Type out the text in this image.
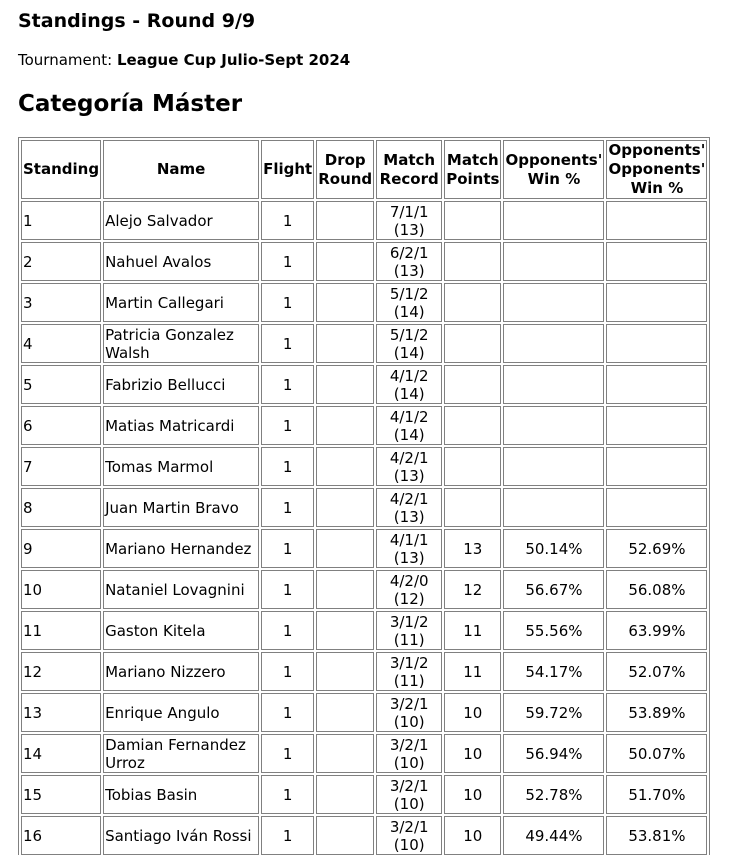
Standings - Round 9/9
Tournament: League Cup Julio-Sept 2024
Categoría Máster
Standing	Name	Flight	Drop Round	Match Record	Match Points	Opponents' Win %	Opponents' Opponents' Win %
1	Alejo Salvador	1		7/1/1 (13)			
2	Nahuel Avalos	1		6/2/1 (13)			
3	Martin Callegari	1		5/1/2 (14)			
4	Patricia Gonzalez Walsh	1		5/1/2 (14)			
5	Fabrizio Bellucci	1		4/1/2 (14)			
6	Matias Matricardi	1		4/1/2 (14)			
7	Tomas Marmol	1		4/2/1 (13)			
8	Juan Martin Bravo	1		4/2/1 (13)			
9	Mariano Hernandez	1		4/1/1 (13)	13	50.14%	52.69%
10	Nataniel Lovagnini	1		4/2/0 (12)	12	56.67%	56.08%
11	Gaston Kitela	1		3/1/2 (11)	11	55.56%	63.99%
12	Mariano Nizzero	1		3/1/2 (11)	11	54.17%	52.07%
13	Enrique Angulo	1		3/2/1 (10)	10	59.72%	53.89%
14	Damian Fernandez Urroz	1		3/2/1 (10)	10	56.94%	50.07%
15	Tobias Basin	1		3/2/1 (10)	10	52.78%	51.70%
16	Santiago Iván Rossi	1		3/2/1 (10)	10	49.44%	53.81%
